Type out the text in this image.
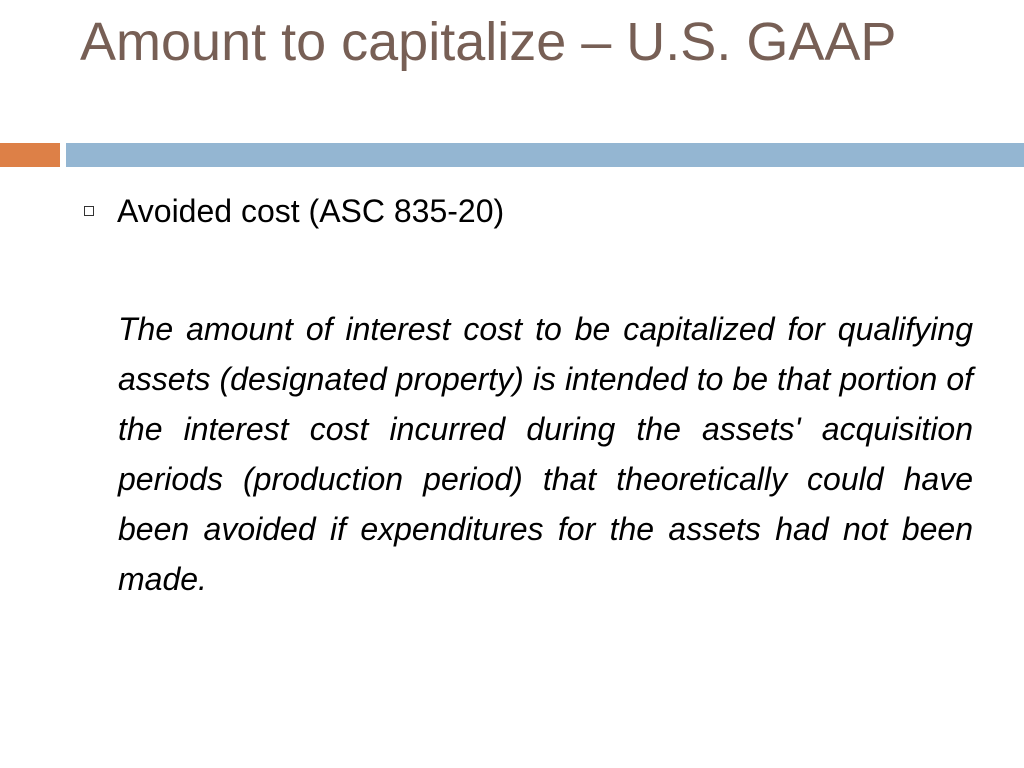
Amount to capitalize – U.S. GAAP
Avoided cost (ASC 835-20)

The amount of interest cost to be capitalized for qualifying assets (designated property) is intended to be that portion of the interest cost incurred during the assets' acquisition periods (production period) that theoretically could have been avoided if expenditures for the assets had not been made.
